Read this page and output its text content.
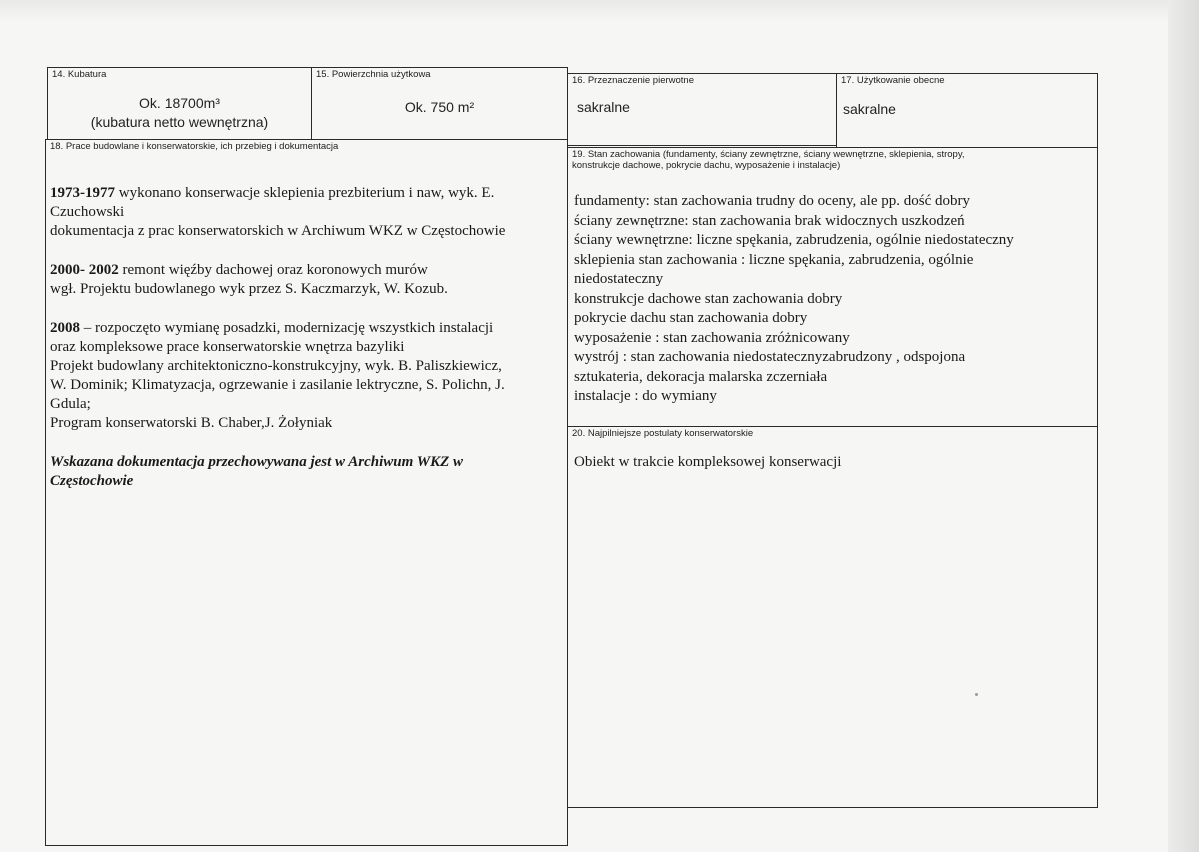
14. Kubatura
Ok. 18700m³
(kubatura netto wewnętrzna)
15. Powierzchnia użytkowa
Ok. 750 m²
16. Przeznaczenie pierwotne
sakralne
17. Użytkowanie obecne
sakralne
18. Prace budowlane i konserwatorskie, ich przebieg i dokumentacja

1973-1977 wykonano konserwacje sklepienia prezbiterium i naw, wyk. E.

Czuchowski

dokumentacja z prac konserwatorskich w Archiwum WKZ w Częstochowie

2000- 2002 remont więźby dachowej oraz koronowych murów

wgł. Projektu budowlanego wyk przez S. Kaczmarzyk, W. Kozub.

2008 – rozpoczęto wymianę posadzki, modernizację wszystkich instalacji

oraz kompleksowe prace konserwatorskie wnętrza bazyliki

Projekt budowlany architektoniczno-konstrukcyjny, wyk. B. Paliszkiewicz,

W. Dominik; Klimatyzacja, ogrzewanie i zasilanie lektryczne, S. Polichn, J.

Gdula;

Program konserwatorski B. Chaber,J. Żołyniak

Wskazana dokumentacja przechowywana jest w Archiwum WKZ w

Częstochowie

19. Stan zachowania (fundamenty, ściany zewnętrzne, ściany wewnętrzne, sklepienia, stropy,
konstrukcje dachowe, pokrycie dachu, wyposażenie i instalacje)

fundamenty: stan zachowania trudny do oceny, ale pp. dość dobry

ściany zewnętrzne: stan zachowania brak widocznych uszkodzeń

ściany wewnętrzne: liczne spękania, zabrudzenia, ogólnie niedostateczny

sklepienia stan zachowania : liczne spękania, zabrudzenia, ogólnie

niedostateczny

konstrukcje dachowe stan zachowania dobry

pokrycie dachu stan zachowania dobry

wyposażenie : stan zachowania zróżnicowany

wystrój : stan zachowania niedostatecznyzabrudzony , odspojona

sztukateria, dekoracja malarska zczerniała

instalacje : do wymiany

20. Najpilniejsze postulaty konserwatorskie
Obiekt w trakcie kompleksowej konserwacji
